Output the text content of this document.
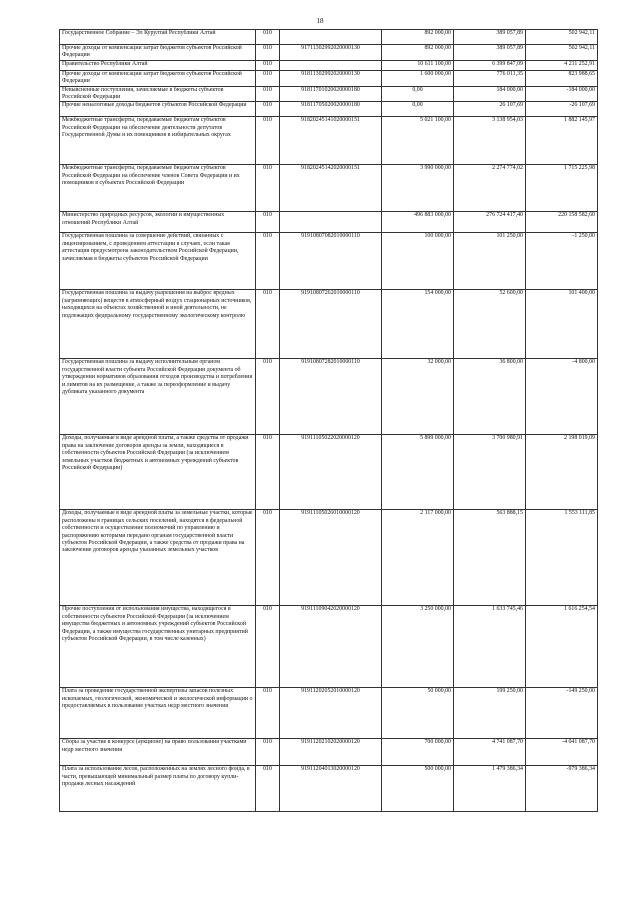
18
Государственное Собрание – Эл Курултай Республики Алтай	010		892 000,00	389 057,89	502 942,11
Прочие доходы от компенсации затрат бюджетов субъектов Российской Федерации	010	91711302992020000130	892 000,00	389 057,89	502 942,11
Правительство Республики Алтай	010		10 611 100,00	6 399 847,09	4 211 252,91
Прочие доходы от компенсации затрат бюджетов субъектов Российской Федерации	010	91811302992020000130	1 600 000,00	776 011,35	823 988,65
Невыясненные поступления, зачисляемые в бюджеты субъектов Российской Федерации	010	91811701020020000180	0,00	184 000,00	-184 000,00
Прочие неналоговые доходы бюджетов субъектов Российской Федерации	010	91811705020020000180	0,00	26 107,69	-26 107,69
Межбюджетные трансферты, передаваемые бюджетам субъектов Российской Федерации на обеспечение деятельности депутатов Государственной Думы и их помощников в избирательных округах	010	91820245141020000151	5 021 100,00	3 138 954,03	1 882 145,97
Межбюджетные трансферты, передаваемые бюджетам субъектов Российской Федерации на обеспечение членов Совета Федерации и их помощников в субъектах Российской Федерации	010	91820245142020000151	3 990 000,00	2 274 774,02	1 715 225,98
Министерство природных ресурсов, экологии и имущественных отношений Республики Алтай	010		496 883 000,00	276 724 417,40	220 158 582,60
Государственная пошлина за совершение действий, связанных с лицензированием, с проведением аттестации в случаях, если такая аттестация предусмотрена законодательством Российской Федерации, зачисляемая в бюджеты субъектов Российской Федерации	010	91910807082010000110	100 000,00	101 250,00	-1 250,00
Государственная пошлина за выдачу разрешения на выброс вредных (загрязняющих) веществ в атмосферный воздух стационарных источников, находящихся на объектах хозяйственной и иной деятельности, не подлежащих федеральному государственному экологическому контролю	010	91910807262010000110	154 000,00	52 600,00	101 400,00
Государственная пошлина за выдачу исполнительным органом государственной власти субъекта Российской Федерации документа об утверждении нормативов образования отходов производства и потребления и лимитов на их размещение, а также за переоформление и выдачу дубликата указанного документа	010	91910807282010000110	32 000,00	36 800,00	-4 800,00
Доходы, получаемые в виде арендной платы, а также средства от продажи права на заключение договоров аренды за земли, находящиеся в собственности субъектов Российской Федерации (за исключением земельных участков бюджетных и автономных учреждений субъектов Российской Федерации)	010	91911105022020000120	5 899 000,00	3 700 980,91	2 198 019,09
Доходы, получаемые в виде арендной платы за земельные участки, которые расположены в границах сельских поселений, находятся в федеральной собственности и осуществление полномочий по управлению и распоряжению которыми передано органам государственной власти субъектов Российской Федерации, а также средства от продажи права на заключение договоров аренды указанных земельных участков	010	91911105026010000120	2 117 000,00	563 888,15	1 553 111,85
Прочие поступления от использования имущества, находящегося в собственности субъектов Российской Федерации (за исключением имущества бюджетных и автономных учреждений субъектов Российской Федерации, а также имущества государственных унитарных предприятий субъектов Российской Федерации, в том числе казенных)	010	91911109042020000120	3 250 000,00	1 633 745,46	1 616 254,54
Плата за проведение государственной экспертизы запасов полезных ископаемых, геологической, экономической и экологической информации о предоставляемых в пользование участках недр местного значения	010	91911202052010000120	50 000,00	199 250,00	-149 250,00
Сборы за участие в конкурсе (аукционе) на право пользования участками недр местного значения	010	91911202102020000120	700 000,00	4 741 087,70	-4 041 087,70
Плата за использование лесов, расположенных на землях лесного фонда, в части, превышающей минимальный размер платы по договору купли-продажи лесных насаждений	010	91911204013020000120	500 000,00	1 479 386,34	-979 386,34
